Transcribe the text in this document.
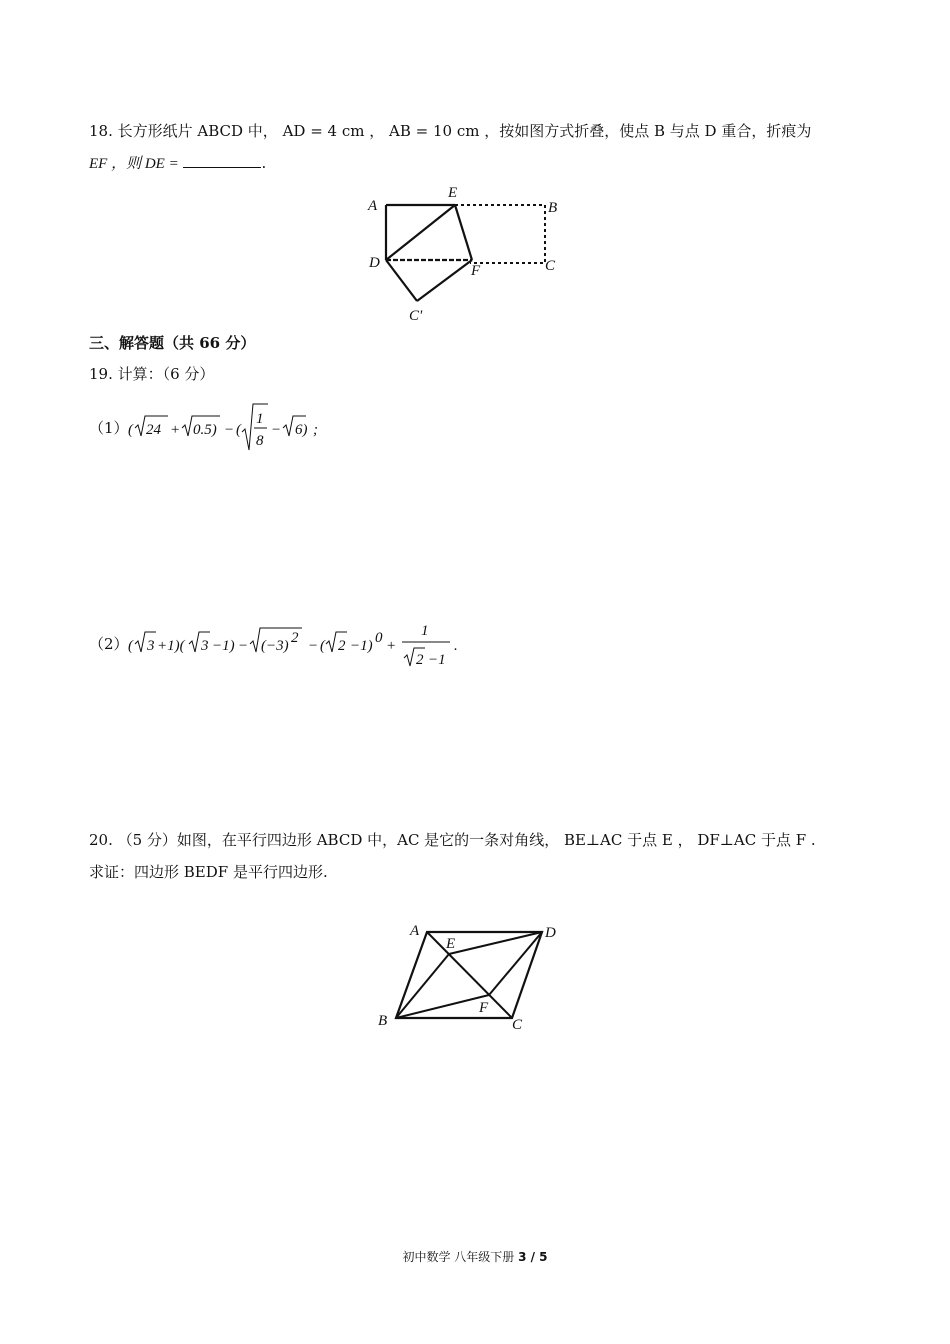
18. 长方形纸片 ABCD 中， AD = 4 cm ， AB = 10 cm ，按如图方式折叠，使点 B 与点 D 重合，折痕为
EF ，则 DE =	.
A
E
B
D	F	C
C'
三、解答题（共 66 分）
19. 计算：（6 分）
（1） ( 24 + 0.5) − (
1
8
− 6) ;
（2） ( 3 +1)( 3 −1) − (−3) 2 − ( 2 −1) 0 +
1
2 −1
.
20. （5 分）如图，在平行四边形 ABCD 中，AC 是它的一条对角线， BE⊥AC 于点 E ， DF⊥AC 于点 F .
求证：四边形 BEDF 是平行四边形.
A
E
D
B
F
C
初中数学 八年级下册 3 / 5
